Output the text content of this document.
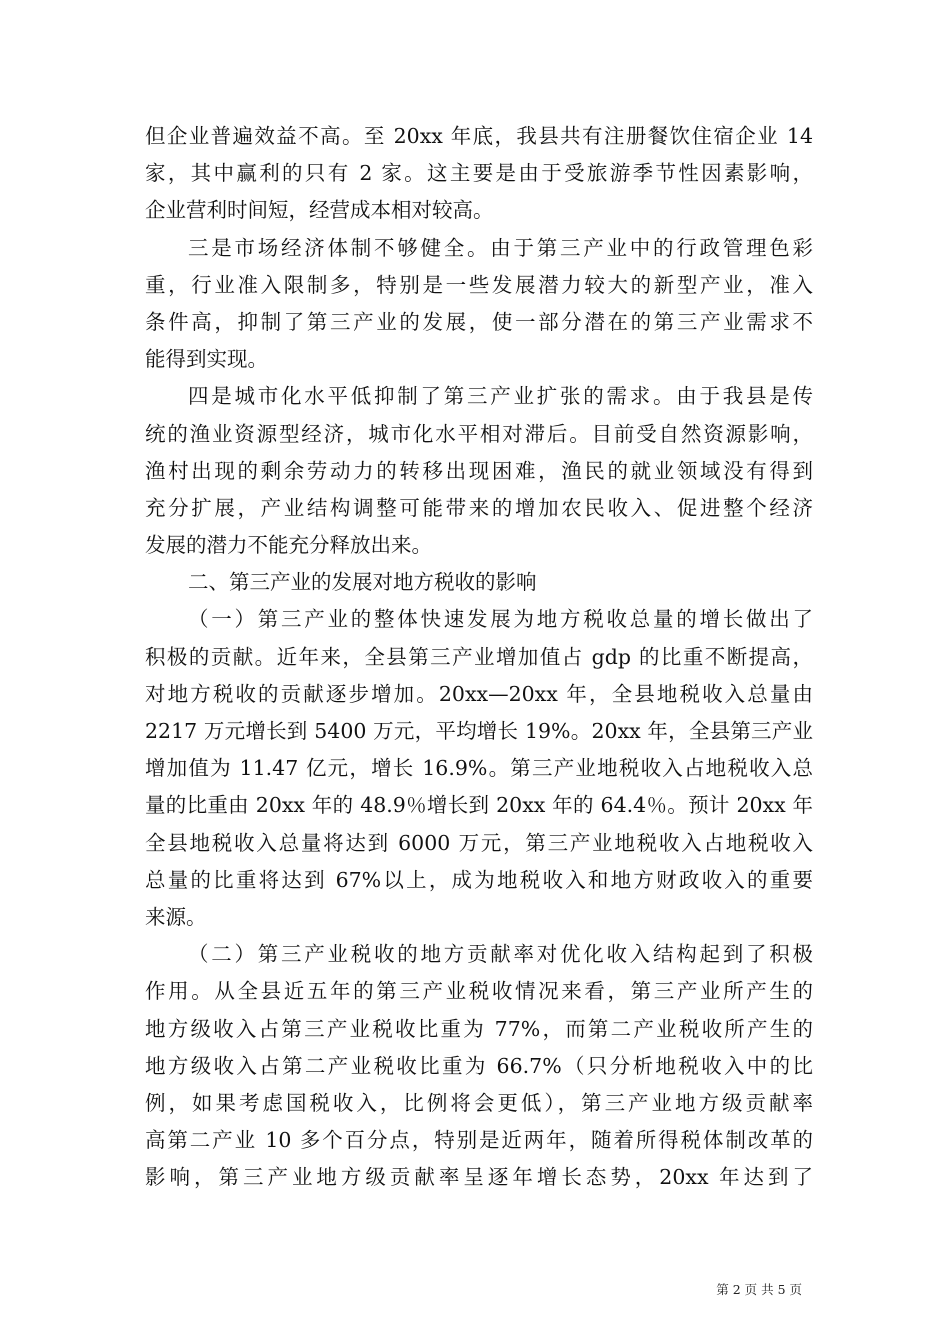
但企业普遍效益不高。至 20xx 年底，我县共有注册餐饮住宿企业 14
家，其中赢利的只有 2 家。这主要是由于受旅游季节性因素影响，
企业营利时间短，经营成本相对较高。
三是市场经济体制不够健全。由于第三产业中的行政管理色彩
重，行业准入限制多，特别是一些发展潜力较大的新型产业，准入
条件高，抑制了第三产业的发展，使一部分潜在的第三产业需求不
能得到实现。
四是城市化水平低抑制了第三产业扩张的需求。由于我县是传
统的渔业资源型经济，城市化水平相对滞后。目前受自然资源影响，
渔村出现的剩余劳动力的转移出现困难，渔民的就业领域没有得到
充分扩展，产业结构调整可能带来的增加农民收入、促进整个经济
发展的潜力不能充分释放出来。
二、第三产业的发展对地方税收的影响
（一）第三产业的整体快速发展为地方税收总量的增长做出了
积极的贡献。近年来，全县第三产业增加值占 gdp 的比重不断提高，
对地方税收的贡献逐步增加。20xx—20xx 年，全县地税收入总量由
2217 万元增长到 5400 万元，平均增长 19%。20xx 年，全县第三产业
增加值为 11.47 亿元，增长 16.9%。第三产业地税收入占地税收入总
量的比重由 20xx 年的 48.9％增长到 20xx 年的 64.4％。预计 20xx 年
全县地税收入总量将达到 6000 万元，第三产业地税收入占地税收入
总量的比重将达到 67%以上，成为地税收入和地方财政收入的重要
来源。
（二）第三产业税收的地方贡献率对优化收入结构起到了积极
作用。从全县近五年的第三产业税收情况来看，第三产业所产生的
地方级收入占第三产业税收比重为 77%，而第二产业税收所产生的
地方级收入占第二产业税收比重为 66.7%（只分析地税收入中的比
例，如果考虑国税收入，比例将会更低），第三产业地方级贡献率
高第二产业 10 多个百分点，特别是近两年，随着所得税体制改革的
影响，第三产业地方级贡献率呈逐年增长态势，20xx 年达到了
第 2 页 共 5 页
